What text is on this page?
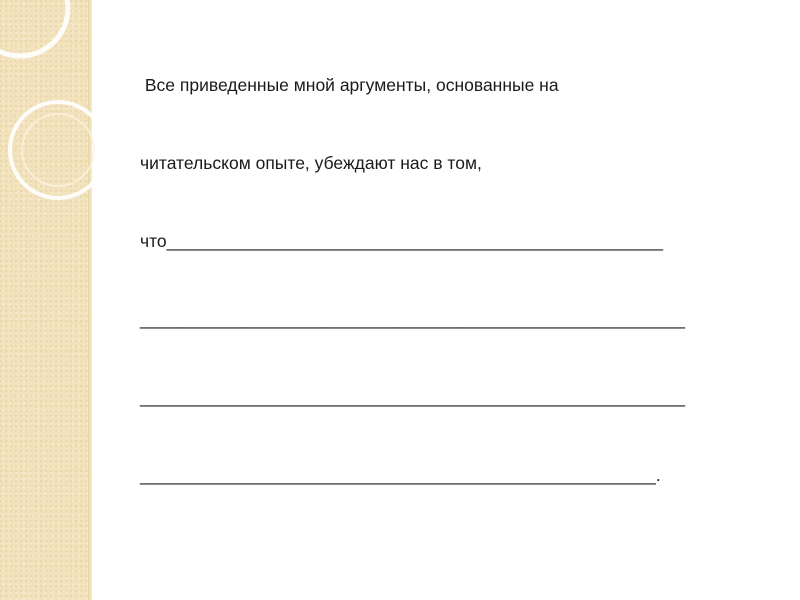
Все приведенные мной аргументы, основанные на

читательском опыте, убеждают нас в том,

что___________________________________________________

________________________________________________________

________________________________________________________

_____________________________________________________.
